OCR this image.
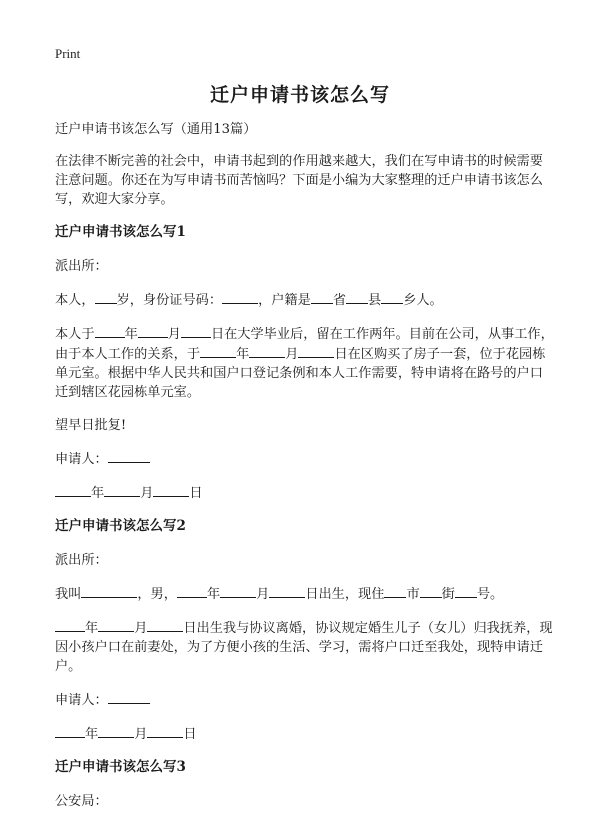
Print
迁户申请书该怎么写

迁户申请书该怎么写（通用13篇）

在法律不断完善的社会中，申请书起到的作用越来越大，我们在写申请书的时候需要注意问题。你还在为写申请书而苦恼吗？下面是小编为大家整理的迁户申请书该怎么写，欢迎大家分享。

迁户申请书该怎么写1

派出所：

本人， 岁，身份证号码：	，户籍是 省 县 乡人。

本人于 年 月 日在大学毕业后，留在工作两年。目前在公司，从事工作，由于本人工作的关系，于	年	月	日在区购买了房子一套，位于花园栋单元室。根据中华人民共和国户口登记条例和本人工作需要，特申请将在路号的户口迁到辖区花园栋单元室。

望早日批复!

申请人：

年	月	日

迁户申请书该怎么写2

派出所：

我叫	，男， 年	月	日出生，现住 市 街 号。

年	月	日出生我与协议离婚，协议规定婚生儿子（女儿）归我抚养，现因小孩户口在前妻处，为了方便小孩的生活、学习，需将户口迁至我处，现特申请迁户。

申请人：

年	月	日

迁户申请书该怎么写3

公安局：
